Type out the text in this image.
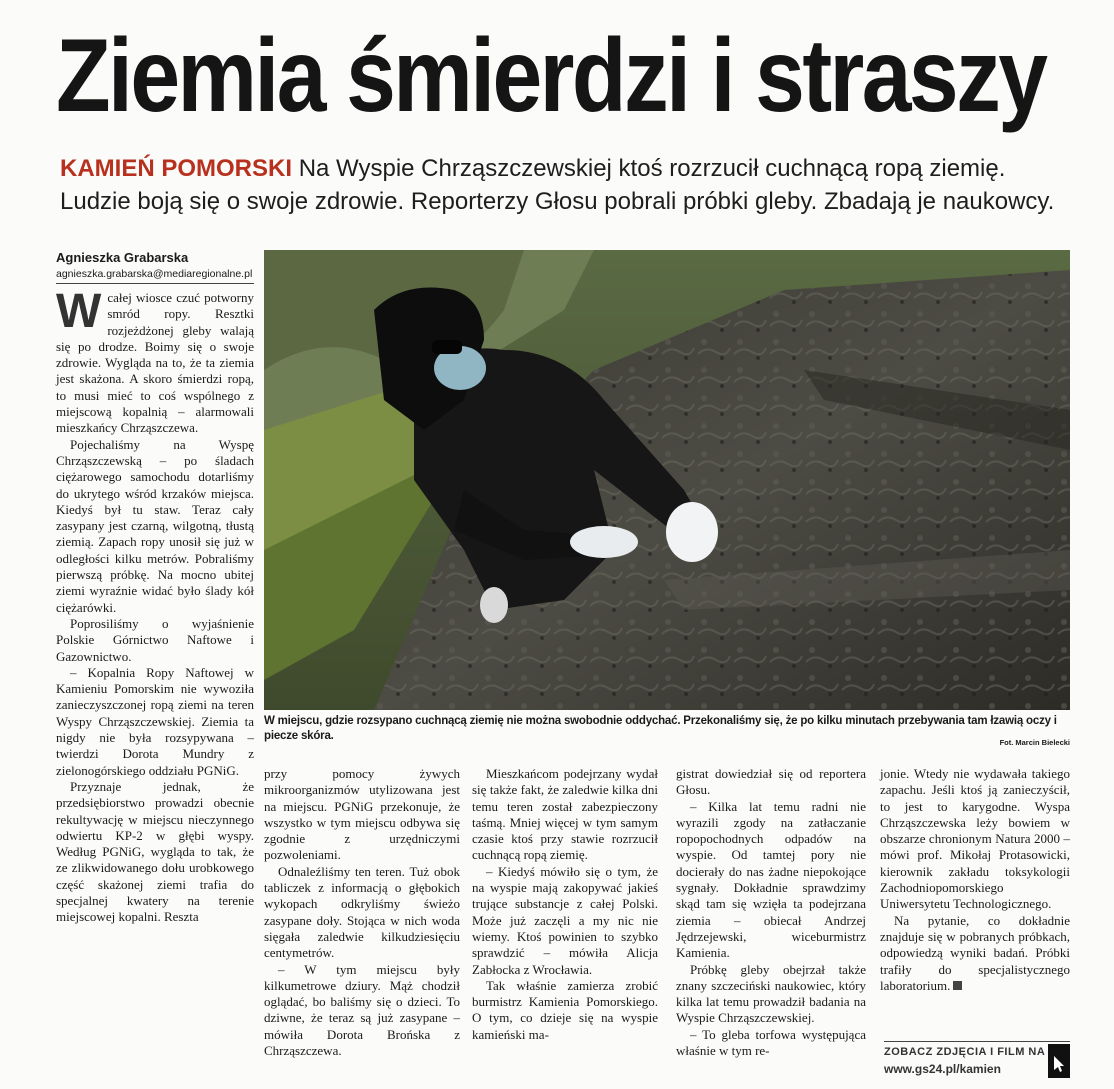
Ziemia śmierdzi i straszy
KAMIEŃ POMORSKI Na Wyspie Chrząszczewskiej ktoś rozrzucił cuchnącą ropą ziemię. Ludzie boją się o swoje zdrowie. Reporterzy Głosu pobrali próbki gleby. Zbadają je naukowcy.
Agnieszka Grabarska
agnieszka.grabarska@mediaregionalne.pl

Wcałej wiosce czuć potworny smród ropy. Resztki rozjeżdżonej gleby walają się po drodze. Boimy się o swoje zdrowie. Wygląda na to, że ta ziemia jest skażona. A skoro śmierdzi ropą, to musi mieć to coś wspólnego z miejscową kopalnią – alarmowali mieszkańcy Chrząszczewa.

Pojechaliśmy na Wyspę Chrząszczewską – po śladach ciężarowego samochodu dotarliśmy do ukrytego wśród krzaków miejsca. Kiedyś był tu staw. Teraz cały zasypany jest czarną, wilgotną, tłustą ziemią. Zapach ropy unosił się już w odległości kilku metrów. Pobraliśmy pierwszą próbkę. Na mocno ubitej ziemi wyraźnie widać było ślady kół ciężarówki.

Poprosiliśmy o wyjaśnienie Polskie Górnictwo Naftowe i Gazownictwo.

– Kopalnia Ropy Naftowej w Kamieniu Pomorskim nie wywoziła zanieczyszczonej ropą ziemi na teren Wyspy Chrząszczewskiej. Ziemia ta nigdy nie była rozsypywana – twierdzi Dorota Mundry z zielonogórskiego oddziału PGNiG.

Przyznaje jednak, że przedsiębiorstwo prowadzi obecnie rekultywację w miejscu nieczynnego odwiertu KP-2 w głębi wyspy. Według PGNiG, wygląda to tak, że ze zlikwidowanego dołu urobkowego część skażonej ziemi trafia do specjalnej kwatery na terenie miejscowej kopalni. Reszta

W miejscu, gdzie rozsypano cuchnącą ziemię nie można swobodnie oddychać. Przekonaliśmy się, że po kilku minutach przebywania tam łzawią oczy i piecze skóra.
Fot. Marcin Bielecki

przy pomocy żywych mikroorganizmów utylizowana jest na miejscu. PGNiG przekonuje, że wszystko w tym miejscu odbywa się zgodnie z urzędniczymi pozwoleniami.

Odnaleźliśmy ten teren. Tuż obok tabliczek z informacją o głębokich wykopach odkryliśmy świeżo zasypane doły. Stojąca w nich woda sięgała zaledwie kilkudziesięciu centymetrów.

– W tym miejscu były kilkumetrowe dziury. Mąż chodził oglądać, bo baliśmy się o dzieci. To dziwne, że teraz są już zasypane – mówiła Dorota Brońska z Chrząszczewa.

Mieszkańcom podejrzany wydał się także fakt, że zaledwie kilka dni temu teren został zabezpieczony taśmą. Mniej więcej w tym samym czasie ktoś przy stawie rozrzucił cuchnącą ropą ziemię.

– Kiedyś mówiło się o tym, że na wyspie mają zakopywać jakieś trujące substancje z całej Polski. Może już zaczęli a my nic nie wiemy. Ktoś powinien to szybko sprawdzić – mówiła Alicja Zabłocka z Wrocławia.

Tak właśnie zamierza zrobić burmistrz Kamienia Pomorskiego. O tym, co dzieje się na wyspie kamieński ma-

gistrat dowiedział się od reportera Głosu.

– Kilka lat temu radni nie wyrazili zgody na zatłaczanie ropopochodnych odpadów na wyspie. Od tamtej pory nie docierały do nas żadne niepokojące sygnały. Dokładnie sprawdzimy skąd tam się wzięła ta podejrzana ziemia – obiecał Andrzej Jędrzejewski, wiceburmistrz Kamienia.

Próbkę gleby obejrzał także znany szczeciński naukowiec, który kilka lat temu prowadził badania na Wyspie Chrząszczewskiej.

– To gleba torfowa występująca właśnie w tym re-

jonie. Wtedy nie wydawała takiego zapachu. Jeśli ktoś ją zanieczyścił, to jest to karygodne. Wyspa Chrząszczewska leży bowiem w obszarze chronionym Natura 2000 – mówi prof. Mikołaj Protasowicki, kierownik zakładu toksykologii Zachodniopomorskiego Uniwersytetu Technologicznego.

Na pytanie, co dokładnie znajduje się w pobranych próbkach, odpowiedzą wyniki badań. Próbki trafiły do specjalistycznego laboratorium.

ZOBACZ ZDJĘCIA I FILM NA
www.gs24.pl/kamien
